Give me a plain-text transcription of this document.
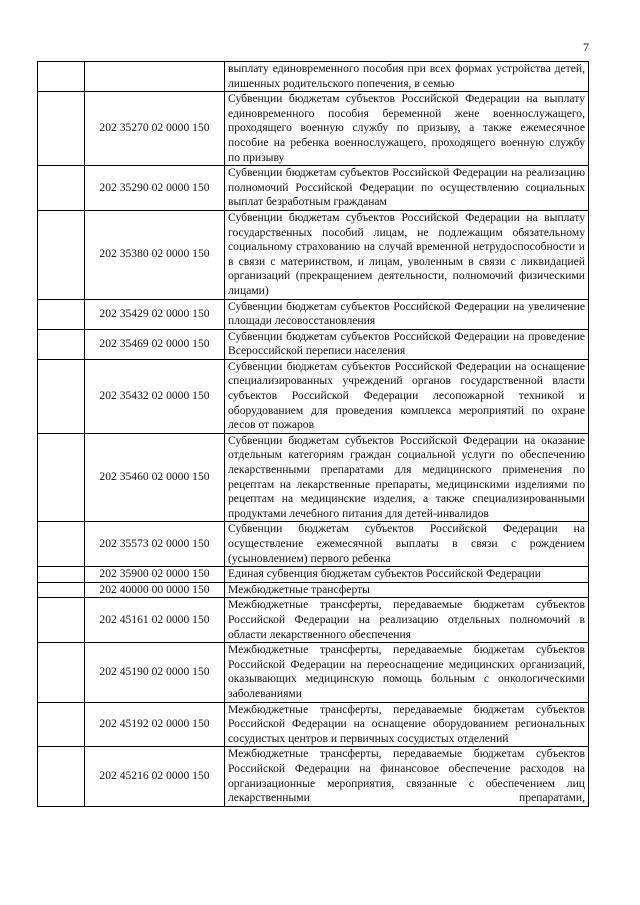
7
		выплату единовременного пособия при всех формах устройства детей, лишенных родительского попечения, в семью
	202 35270 02 0000 150	Субвенции бюджетам субъектов Российской Федерации на выплату единовременного пособия беременной жене военнослужащего, проходящего военную службу по призыву, а также ежемесячное пособие на ребенка военнослужащего, проходящего военную службу по призыву
	202 35290 02 0000 150	Субвенции бюджетам субъектов Российской Федерации на реализацию полномочий Российской Федерации по осуществлению социальных выплат безработным гражданам
	202 35380 02 0000 150	Субвенции бюджетам субъектов Российской Федерации на выплату государственных пособий лицам, не подлежащим обязательному социальному страхованию на случай временной нетрудоспособности и в связи с материнством, и лицам, уволенным в связи с ликвидацией организаций (прекращением деятельности, полномочий физическими лицами)
	202 35429 02 0000 150	Субвенции бюджетам субъектов Российской Федерации на увеличение площади лесовосстановления
	202 35469 02 0000 150	Субвенции бюджетам субъектов Российской Федерации на проведение Всероссийской переписи населения
	202 35432 02 0000 150	Субвенции бюджетам субъектов Российской Федерации на оснащение специализированных учреждений органов государственной власти субъектов Российской Федерации лесопожарной техникой и оборудованием для проведения комплекса мероприятий по охране лесов от пожаров
	202 35460 02 0000 150	Субвенции бюджетам субъектов Российской Федерации на оказание отдельным категориям граждан социальной услуги по обеспечению лекарственными препаратами для медицинского применения по рецептам на лекарственные препараты, медицинскими изделиями по рецептам на медицинские изделия, а также специализированными продуктами лечебного питания для детей-инвалидов
	202 35573 02 0000 150	Субвенции бюджетам субъектов Российской Федерации на осуществление ежемесячной выплаты в связи с рождением (усыновлением) первого ребенка
	202 35900 02 0000 150	Единая субвенция бюджетам субъектов Российской Федерации
	202 40000 00 0000 150	Межбюджетные трансферты
	202 45161 02 0000 150	Межбюджетные трансферты, передаваемые бюджетам субъектов Российской Федерации на реализацию отдельных полномочий в области лекарственного обеспечения
	202 45190 02 0000 150	Межбюджетные трансферты, передаваемые бюджетам субъектов Российской Федерации на переоснащение медицинских организаций, оказывающих медицинскую помощь больным с онкологическими заболеваниями
	202 45192 02 0000 150	Межбюджетные трансферты, передаваемые бюджетам субъектов Российской Федерации на оснащение оборудованием региональных сосудистых центров и первичных сосудистых отделений
	202 45216 02 0000 150	Межбюджетные трансферты, передаваемые бюджетам субъектов Российской Федерации на финансовое обеспечение расходов на организационные мероприятия, связанные с обеспечением лиц лекарственными препаратами,
